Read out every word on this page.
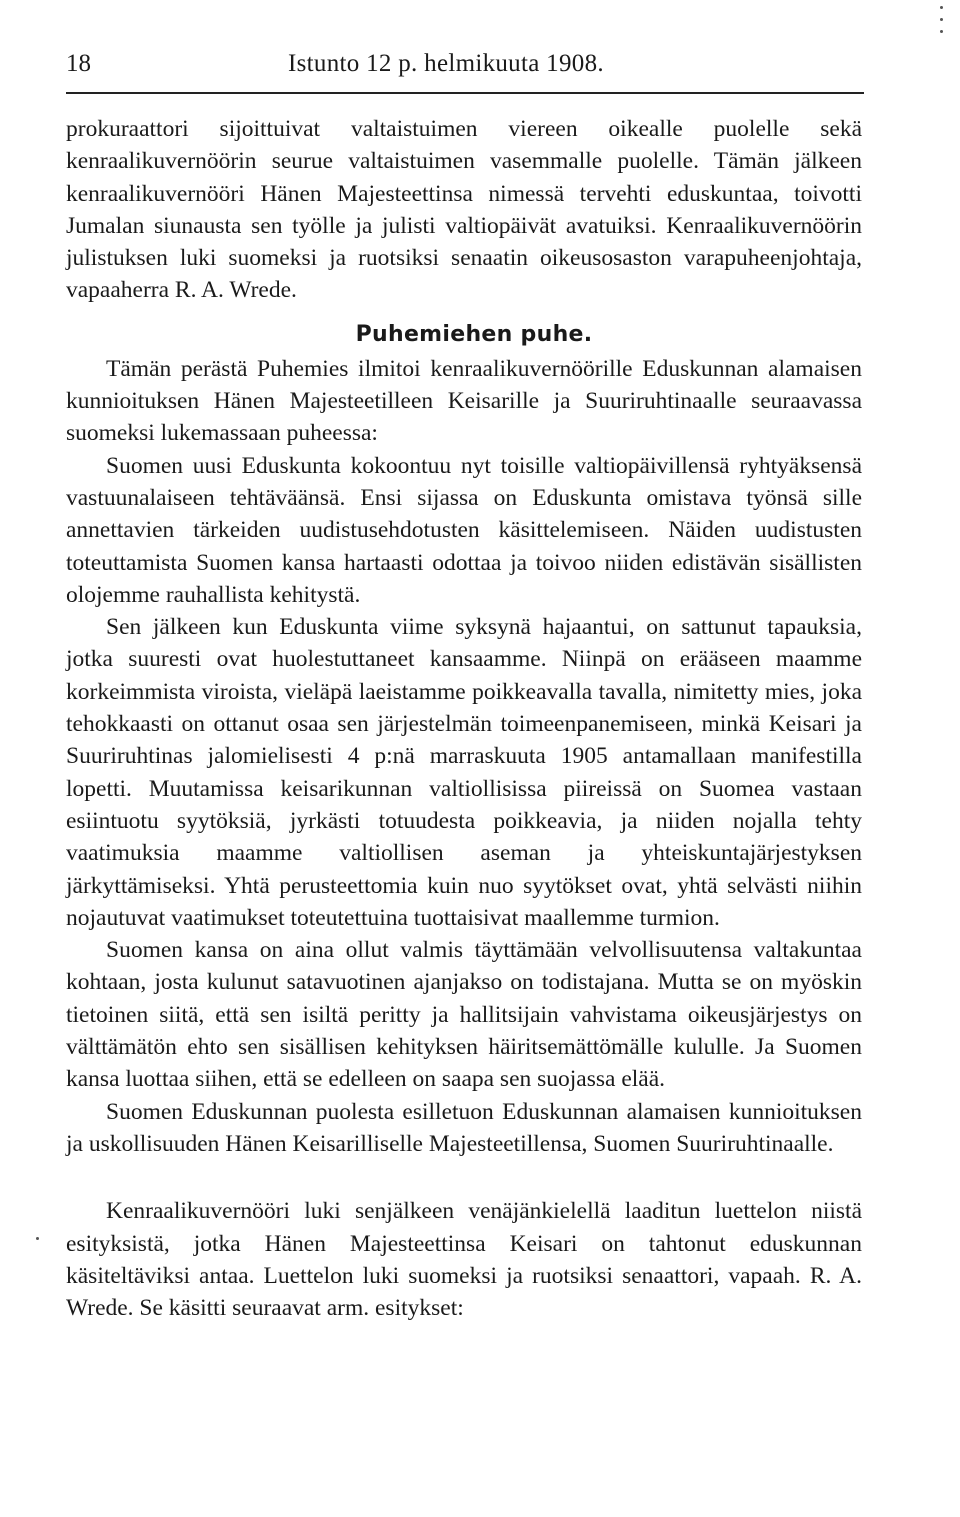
18	Istunto 12 p. helmikuuta 1908.

prokuraattori sijoittuivat valtaistuimen viereen oikealle puolelle sekä kenraalikuvernöörin seurue valtaistuimen vasemmalle puolelle. Tämän jälkeen kenraalikuvernööri Hänen Majesteettinsa nimessä tervehti eduskuntaa, toivotti Jumalan siunausta sen työlle ja julisti valtiopäivät avatuiksi. Kenraalikuvernöörin julistuksen luki suomeksi ja ruotsiksi senaatin oikeusosaston varapuheenjohtaja, vapaaherra R. A. Wrede.

Puhemiehen puhe.

Tämän perästä Puhemies ilmitoi kenraalikuvernöörille Eduskunnan alamaisen kunnioituksen Hänen Majesteetilleen Keisarille ja Suuriruhtinaalle seuraavassa suomeksi lukemassaan puheessa:

Suomen uusi Eduskunta kokoontuu nyt toisille valtiopäivillensä ryhtyäksensä vastuunalaiseen tehtäväänsä. Ensi sijassa on Eduskunta omistava työnsä sille annettavien tärkeiden uudistusehdotusten käsittelemiseen. Näiden uudistusten toteuttamista Suomen kansa hartaasti odottaa ja toivoo niiden edistävän sisällisten olojemme rauhallista kehitystä.

Sen jälkeen kun Eduskunta viime syksynä hajaantui, on sattunut tapauksia, jotka suuresti ovat huolestuttaneet kansaamme. Niinpä on erääseen maamme korkeimmista viroista, vieläpä laeistamme poikkeavalla tavalla, nimitetty mies, joka tehokkaasti on ottanut osaa sen järjestelmän toimeenpanemiseen, minkä Keisari ja Suuriruhtinas jalomielisesti 4 p:nä marraskuuta 1905 antamallaan manifestilla lopetti. Muutamissa keisarikunnan valtiollisissa piireissä on Suomea vastaan esiintuotu syytöksiä, jyrkästi totuudesta poikkeavia, ja niiden nojalla tehty vaatimuksia maamme valtiollisen aseman ja yhteiskuntajärjestyksen järkyttämiseksi. Yhtä perusteettomia kuin nuo syytökset ovat, yhtä selvästi niihin nojautuvat vaatimukset toteutettuina tuottaisivat maallemme turmion.

Suomen kansa on aina ollut valmis täyttämään velvollisuutensa valtakuntaa kohtaan, josta kulunut satavuotinen ajanjakso on todistajana. Mutta se on myöskin tietoinen siitä, että sen isiltä peritty ja hallitsijain vahvistama oikeusjärjestys on välttämätön ehto sen sisällisen kehityksen häiritsemättömälle kululle. Ja Suomen kansa luottaa siihen, että se edelleen on saapa sen suojassa elää.

Suomen Eduskunnan puolesta esilletuon Eduskunnan alamaisen kunnioituksen ja uskollisuuden Hänen Keisarilliselle Majesteetillensa, Suomen Suuriruhtinaalle.

Kenraalikuvernööri luki senjälkeen venäjänkielellä laaditun luettelon niistä esityksistä, jotka Hänen Majesteettinsa Keisari on tahtonut eduskunnan käsiteltäviksi antaa. Luettelon luki suomeksi ja ruotsiksi senaattori, vapaah. R. A. Wrede. Se käsitti seuraavat arm. esitykset:
